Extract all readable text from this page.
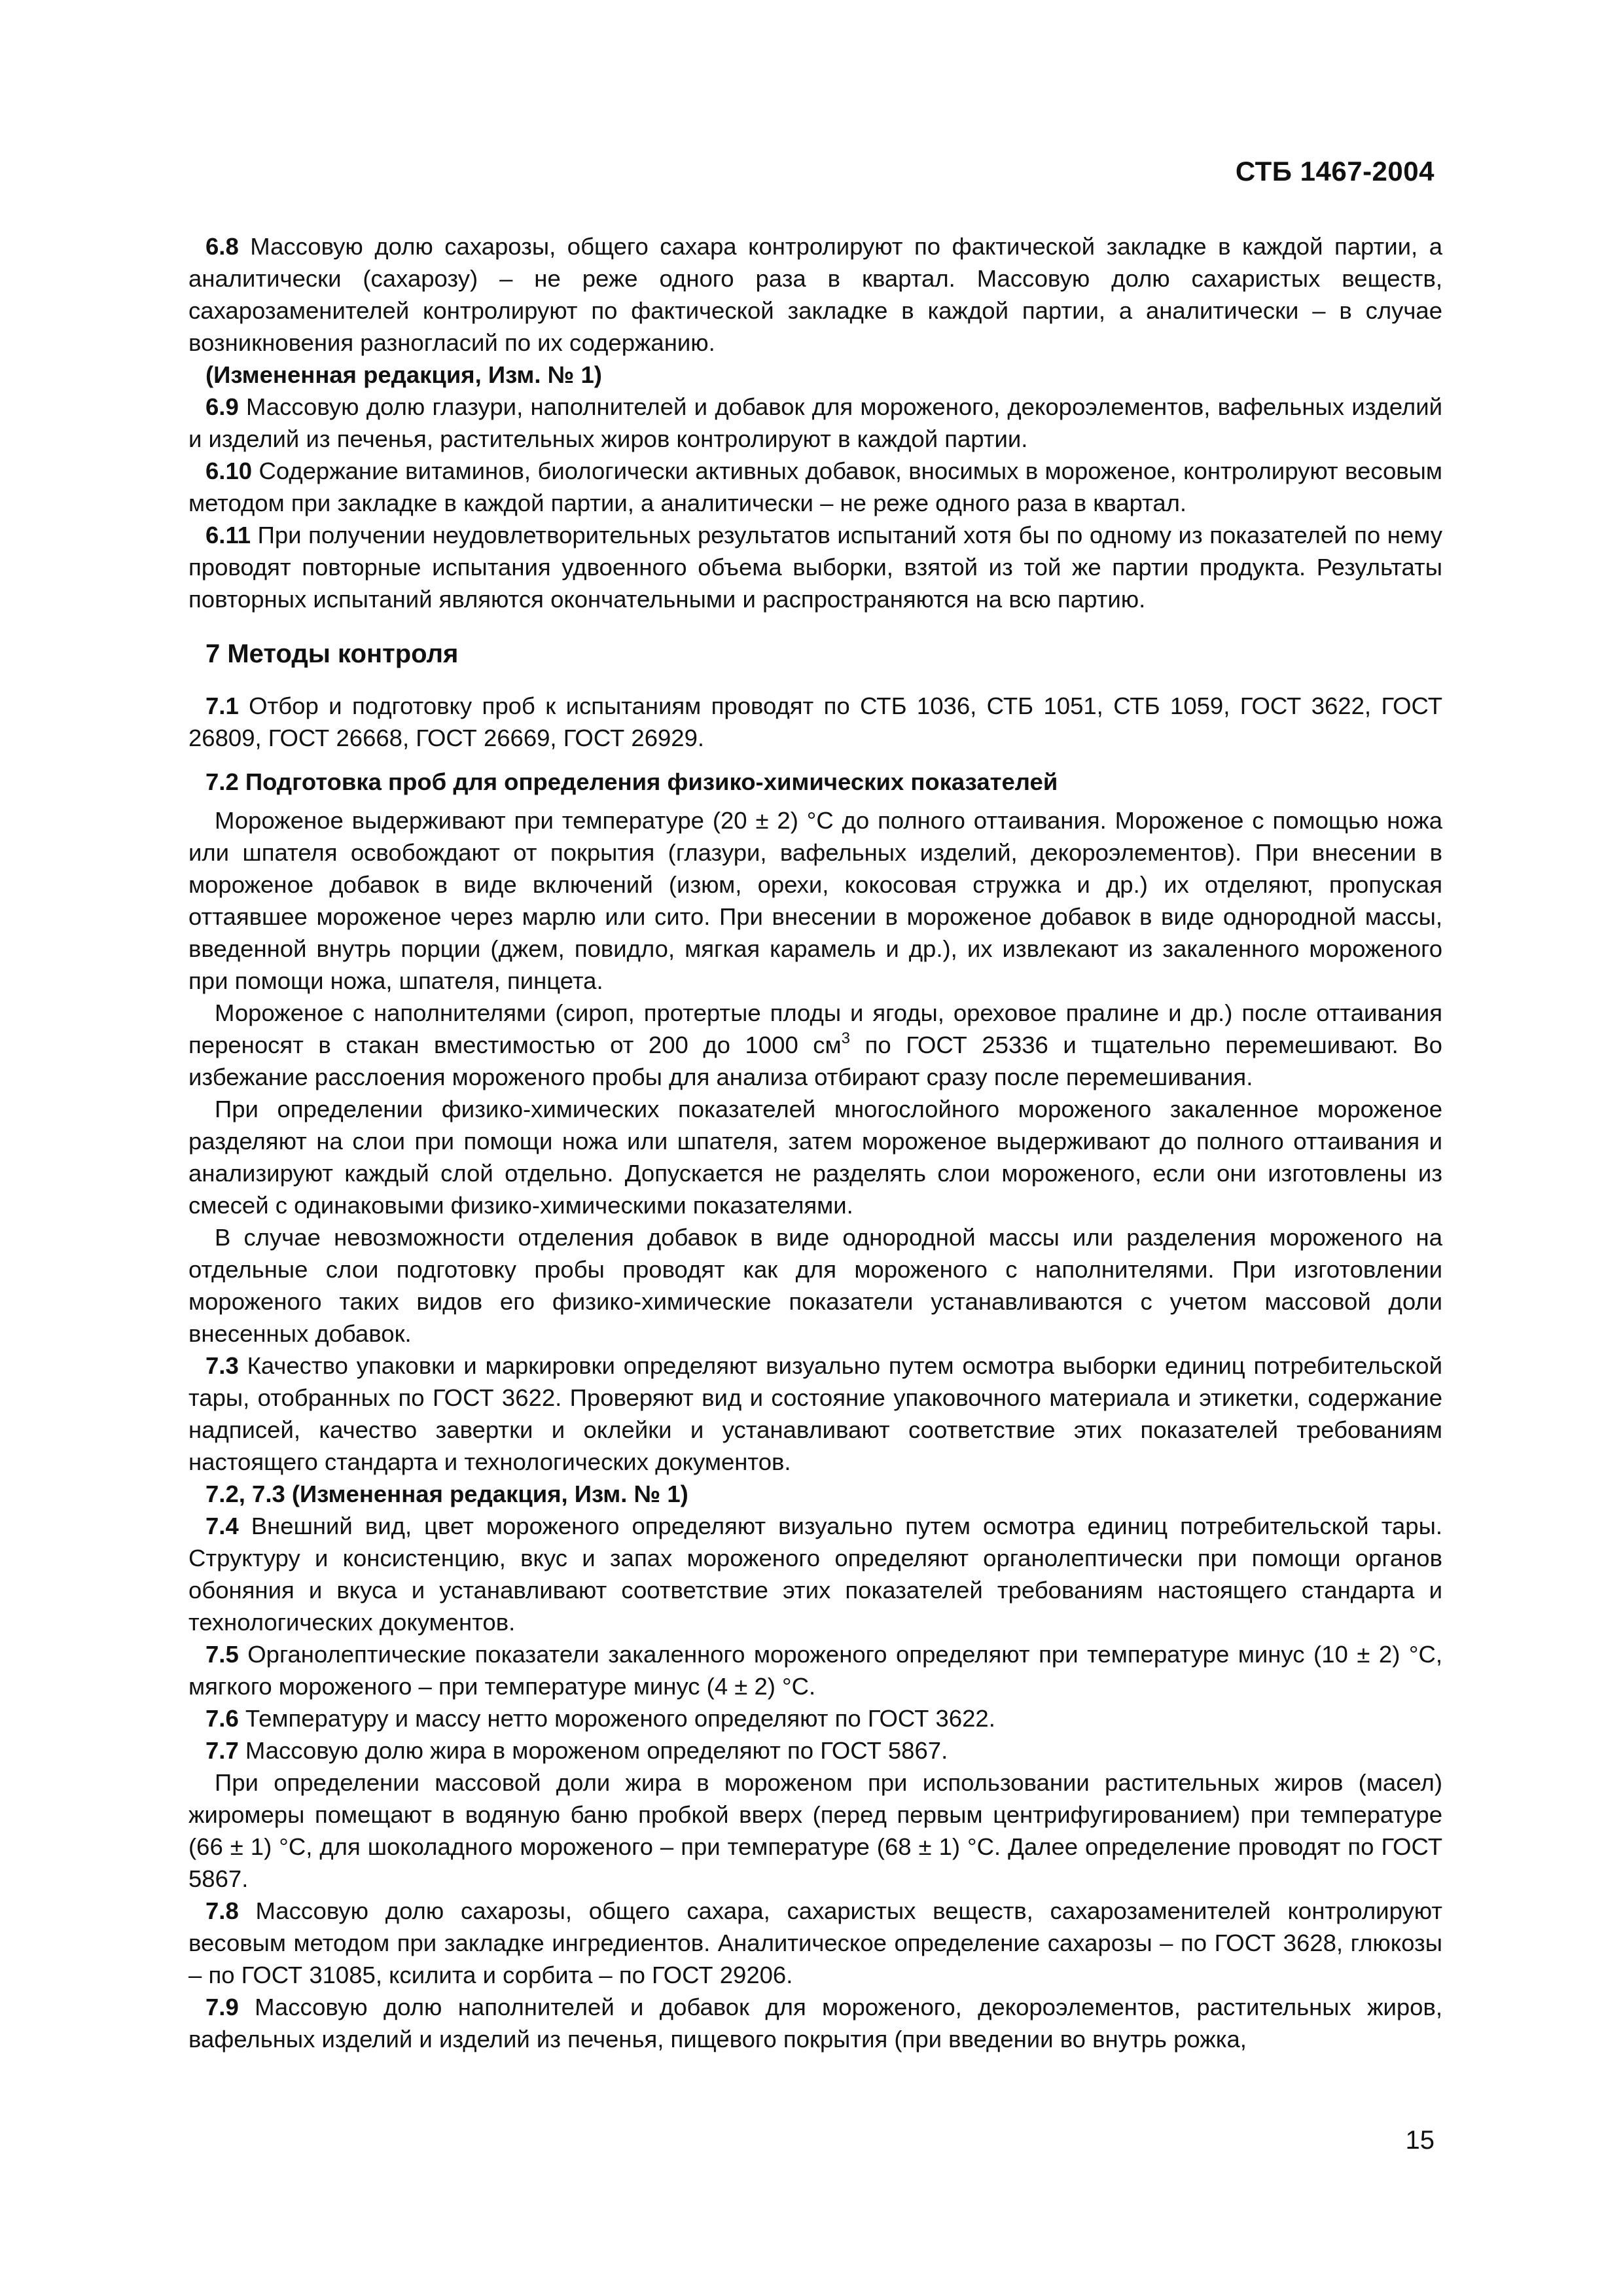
СТБ 1467-2004

6.8 Массовую долю сахарозы, общего сахара контролируют по фактической закладке в каждой партии, а аналитически (сахарозу) – не реже одного раза в квартал. Массовую долю сахаристых веществ, сахарозаменителей контролируют по фактической закладке в каждой партии, а аналитически – в случае возникновения разногласий по их содержанию.

(Измененная редакция, Изм. № 1)

6.9 Массовую долю глазури, наполнителей и добавок для мороженого, декороэлементов, вафельных изделий и изделий из печенья, растительных жиров контролируют в каждой партии.

6.10 Содержание витаминов, биологически активных добавок, вносимых в мороженое, контролируют весовым методом при закладке в каждой партии, а аналитически – не реже одного раза в квартал.

6.11 При получении неудовлетворительных результатов испытаний хотя бы по одному из показателей по нему проводят повторные испытания удвоенного объема выборки, взятой из той же партии продукта. Результаты повторных испытаний являются окончательными и распространяются на всю партию.

7 Методы контроля

7.1 Отбор и подготовку проб к испытаниям проводят по СТБ 1036, СТБ 1051, СТБ 1059, ГОСТ 3622, ГОСТ 26809, ГОСТ 26668, ГОСТ 26669, ГОСТ 26929.

7.2 Подготовка проб для определения физико-химических показателей

Мороженое выдерживают при температуре (20 ± 2) °С до полного оттаивания. Мороженое с помощью ножа или шпателя освобождают от покрытия (глазури, вафельных изделий, декороэлементов). При внесении в мороженое добавок в виде включений (изюм, орехи, кокосовая стружка и др.) их отделяют, пропуская оттаявшее мороженое через марлю или сито. При внесении в мороженое добавок в виде однородной массы, введенной внутрь порции (джем, повидло, мягкая карамель и др.), их извлекают из закаленного мороженого при помощи ножа, шпателя, пинцета.

Мороженое с наполнителями (сироп, протертые плоды и ягоды, ореховое пралине и др.) после оттаивания переносят в стакан вместимостью от 200 до 1000 $см^3$ по ГОСТ 25336 и тщательно перемешивают. Во избежание расслоения мороженого пробы для анализа отбирают сразу после перемешивания.

При определении физико-химических показателей многослойного мороженого закаленное мороженое разделяют на слои при помощи ножа или шпателя, затем мороженое выдерживают до полного оттаивания и анализируют каждый слой отдельно. Допускается не разделять слои мороженого, если они изготовлены из смесей с одинаковыми физико-химическими показателями.

В случае невозможности отделения добавок в виде однородной массы или разделения мороженого на отдельные слои подготовку пробы проводят как для мороженого с наполнителями. При изготовлении мороженого таких видов его физико-химические показатели устанавливаются с учетом массовой доли внесенных добавок.

7.3 Качество упаковки и маркировки определяют визуально путем осмотра выборки единиц потребительской тары, отобранных по ГОСТ 3622. Проверяют вид и состояние упаковочного материала и этикетки, содержание надписей, качество завертки и оклейки и устанавливают соответствие этих показателей требованиям настоящего стандарта и технологических документов.

7.2, 7.3 (Измененная редакция, Изм. № 1)

7.4 Внешний вид, цвет мороженого определяют визуально путем осмотра единиц потребительской тары. Структуру и консистенцию, вкус и запах мороженого определяют органолептически при помощи органов обоняния и вкуса и устанавливают соответствие этих показателей требованиям настоящего стандарта и технологических документов.

7.5 Органолептические показатели закаленного мороженого определяют при температуре минус (10 ± 2) °С, мягкого мороженого – при температуре минус (4 ± 2) °С.

7.6 Температуру и массу нетто мороженого определяют по ГОСТ 3622.

7.7 Массовую долю жира в мороженом определяют по ГОСТ 5867.

При определении массовой доли жира в мороженом при использовании растительных жиров (масел) жиромеры помещают в водяную баню пробкой вверх (перед первым центрифугированием) при температуре (66 ± 1) °С, для шоколадного мороженого – при температуре (68 ± 1) °С. Далее определение проводят по ГОСТ 5867.

7.8 Массовую долю сахарозы, общего сахара, сахаристых веществ, сахарозаменителей контролируют весовым методом при закладке ингредиентов. Аналитическое определение сахарозы – по ГОСТ 3628, глюкозы – по ГОСТ 31085, ксилита и сорбита – по ГОСТ 29206.

7.9 Массовую долю наполнителей и добавок для мороженого, декороэлементов, растительных жиров, вафельных изделий и изделий из печенья, пищевого покрытия (при введении во внутрь рожка,

15
